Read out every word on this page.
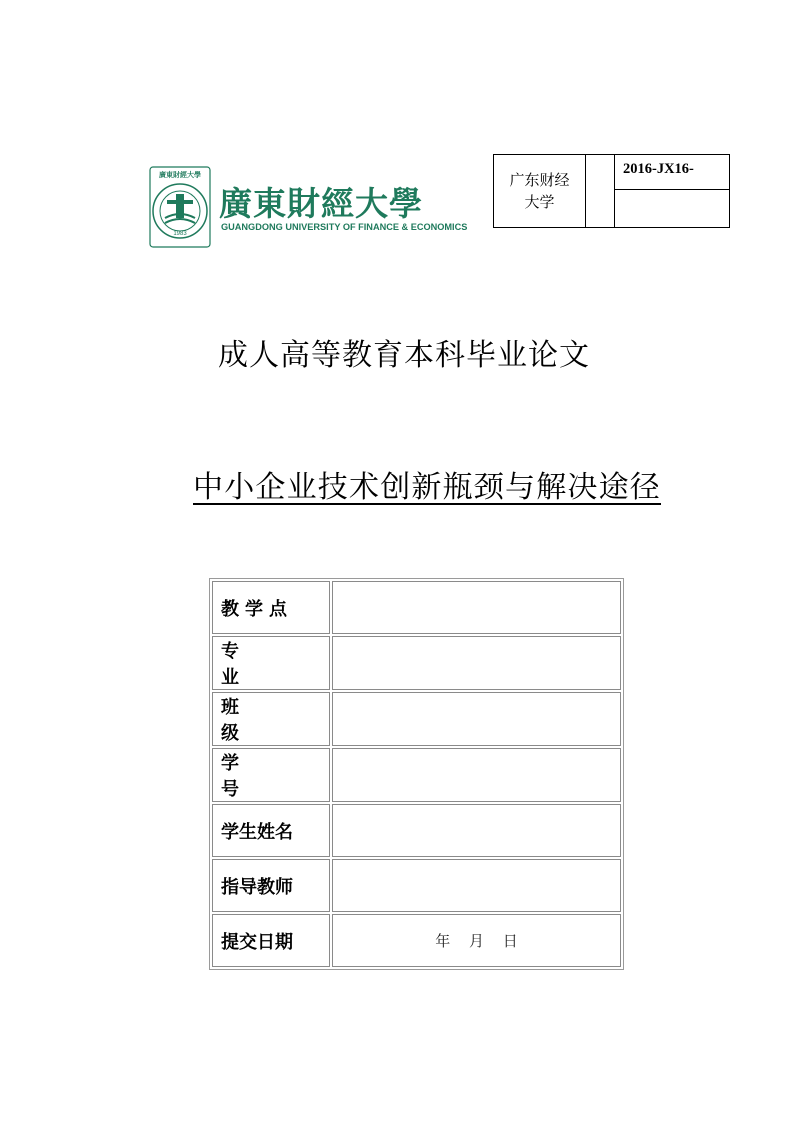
廣東財經大學
1983
廣東財經大學
GUANGDONG UNIVERSITY OF FINANCE & ECONOMICS
广东财经
大学
		2016-JX16-

成人高等教育本科毕业论文
中小企业技术创新瓶颈与解决途径
教学点	
专业	
班级	
学号	
学生姓名	
指导教师	
提交日期	年 月 日
